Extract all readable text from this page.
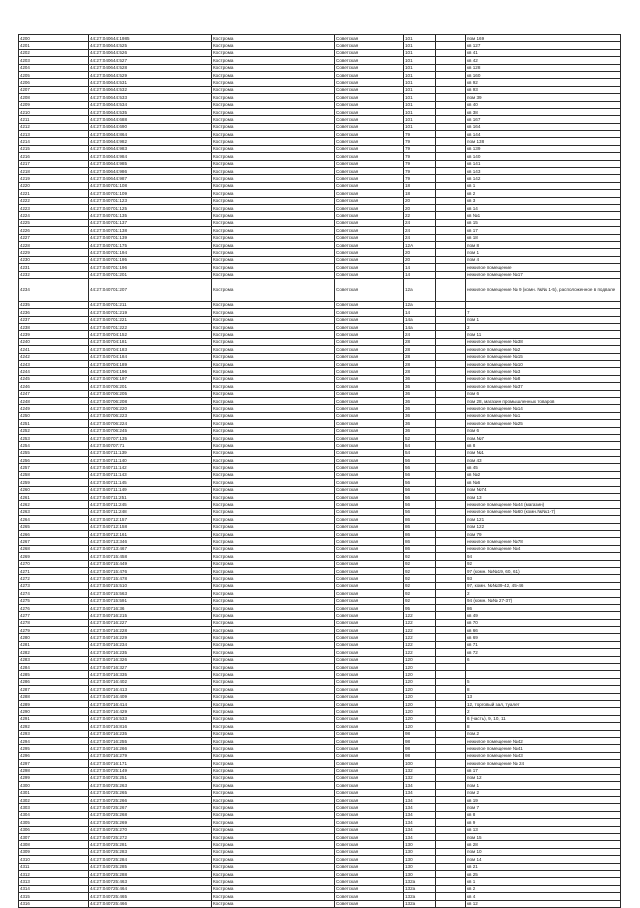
4200	44:27:040644:1985	Кострома	Советская	101		пом 169
4201	44:27:040644:525	Кострома	Советская	101		кв 127
4202	44:27:040644:526	Кострома	Советская	101		кв 41
4203	44:27:040644:527	Кострома	Советская	101		кв 42
4204	44:27:040644:528	Кострома	Советская	101		кв 128
4205	44:27:040644:529	Кострома	Советская	101		кв 160
4206	44:27:040644:531	Кострома	Советская	101		кв 92
4207	44:27:040644:532	Кострома	Советская	101		кв 93
4208	44:27:040644:533	Кострома	Советская	101		пом 39
4209	44:27:040644:534	Кострома	Советская	101		кв 40
4210	44:27:040644:535	Кострома	Советская	101		кв 38
4211	44:27:040644:688	Кострома	Советская	101		кв 167
4212	44:27:040644:690	Кострома	Советская	101		кв 164
4213	44:27:040644:864	Кострома	Советская	79		кв 144
4214	44:27:040644:982	Кострома	Советская	79		пом 138
4215	44:27:040644:983	Кострома	Советская	79		кв 139
4216	44:27:040644:984	Кострома	Советская	79		кв 140
4217	44:27:040644:985	Кострома	Советская	79		кв 141
4218	44:27:040644:986	Кострома	Советская	79		кв 143
4219	44:27:040644:987	Кострома	Советская	79		кв 142
4220	44:27:040701:108	Кострома	Советская	18		кв 1
4221	44:27:040701:109	Кострома	Советская	18		кв 2
4222	44:27:040701:123	Кострома	Советская	20		кв 3
4223	44:27:040701:125	Кострома	Советская	20		кв 14
4224	44:27:040701:135	Кострома	Советская	22		кв №1
4225	44:27:040701:137	Кострома	Советская	24		кв 15
4226	44:27:040701:138	Кострома	Советская	24		кв 17
4227	44:27:040701:139	Кострома	Советская	24		кв 18
4228	44:27:040701:175	Кострома	Советская	12А		пом 8
4229	44:27:040701:194	Кострома	Советская	20		пом 1
4230	44:27:040701:195	Кострома	Советская	20		пом 4
4231	44:27:040701:196	Кострома	Советская	14		нежилое помещение
4232	44:27:040701:201	Кострома	Советская	14		нежилое помещение №17
4234	44:27:040701:207	Кострома	Советская	12а		нежилое помещение № 9 (комн. №№ 1-5), расположенное в подвале
4235	44:27:040701:211	Кострома	Советская	12а		
4236	44:27:040701:219	Кострома	Советская	14		7
4237	44:27:040701:221	Кострома	Советская	14а		пом 1
4238	44:27:040701:222	Кострома	Советская	14а		2
4239	44:27:040704:152	Кострома	Советская	24		пом 11
4240	44:27:040704:181	Кострома	Советская	28		нежилое помещение №38
4241	44:27:040704:183	Кострома	Советская	28		нежилое помещение №2
4242	44:27:040704:184	Кострома	Советская	28		нежилое помещение №15
4243	44:27:040704:189	Кострома	Советская	28		нежилое помещение №10
4244	44:27:040704:196	Кострома	Советская	28		нежилое помещение №3
4245	44:27:040706:197	Кострома	Советская	36		нежилое помещение №8
4246	44:27:040706:201	Кострома	Советская	36		нежилое помещение №37
4247	44:27:040706:205	Кострома	Советская	36		пом 6
4248	44:27:040706:208	Кострома	Советская	36		пом 28, магазин промышленных товаров
4249	44:27:040706:220	Кострома	Советская	36		нежилое помещение №14
4250	44:27:040706:223	Кострома	Советская	36		нежилое помещение №1
4251	44:27:040706:224	Кострома	Советская	36		нежилое помещение №25
4252	44:27:040706:245	Кострома	Советская	36		пом 6
4253	44:27:040707:135	Кострома	Советская	52		пом.№7
4254	44:27:040707:71	Кострома	Советская	54		кв 8
4255	44:27:040711:139	Кострома	Советская	54		пом №1
4256	44:27:040711:140	Кострома	Советская	56		пом 43
4257	44:27:040711:142	Кострома	Советская	56		кв 45
4258	44:27:040711:143	Кострома	Советская	56		кв №2
4259	44:27:040711:145	Кострома	Советская	56		кв №6
4260	44:27:040711:149	Кострома	Советская	56		пом №74
4261	44:27:040711:251	Кострома	Советская	56		пом 13
4262	44:27:040711:245	Кострома	Советская	56		нежилое помещение №44 (магазин)
4263	44:27:040711:248	Кострома	Советская	56		нежилое помещение №60 (комн.№№1-7)
4264	44:27:040712:157	Кострома	Советская	86		пом 121
4265	44:27:040712:158	Кострома	Советская	86		пом 122
4266	44:27:040712:161	Кострома	Советская	86		пом 79
4267	44:27:040713:346	Кострома	Советская	86		нежилое помещение №78
4268	44:27:040713:467	Кострома	Советская	86		нежилое помещение №4
4269	44:27:040715:458	Кострома	Советская	92		94
4270	44:27:040715:449	Кострома	Советская	92		92
4271	44:27:040715:476	Кострома	Советская	92		97 (комн. №№19, 60, 61)
4272	44:27:040715:478	Кострома	Советская	92		93
4273	44:27:040715:510	Кострома	Советская	92		97, комн. №№39-42, 45-46
4274	44:27:040715:563	Кострома	Советская	92		2
4275	44:27:040715:591	Кострома	Советская	92		94 (комн. №№ 27-37)
4276	44:27:040716:36	Кострома	Советская	95		86
4277	44:27:040716:215	Кострома	Советская	122		кв 49
4278	44:27:040716:227	Кострома	Советская	122		кв 70
4279	44:27:040716:228	Кострома	Советская	122		кв 66
4280	44:27:040716:229	Кострома	Советская	122		кв 69
4281	44:27:040716:234	Кострома	Советская	122		кв 71
4282	44:27:040716:235	Кострома	Советская	122		кв 72
4283	44:27:040716:326	Кострома	Советская	120		6
4284	44:27:040716:327	Кострома	Советская	120		
4285	44:27:040716:335	Кострома	Советская	120		
4286	44:27:040716:402	Кострома	Советская	120		5
4287	44:27:040716:413	Кострома	Советская	120		8
4288	44:27:040716:409	Кострома	Советская	120		13
4289	44:27:040716:414	Кострома	Советская	120		12, торговый зал, туалет
4290	44:27:040716:429	Кострома	Советская	120		2
4291	44:27:040716:533	Кострома	Советская	120		6 (часть), 9, 10, 11
4292	44:27:040716:816	Кострома	Советская	120		8
4293	44:27:040716:235	Кострома	Советская	98		пом.2
4294	44:27:040716:255	Кострома	Советская	98		нежилое помещение №42
4295	44:27:040716:266	Кострома	Советская	98		нежилое помещение №41
4296	44:27:040716:279	Кострома	Советская	98		нежилое помещение №43
4297	44:27:040716:171	Кострома	Советская	100		нежилое помещение № 24
4298	44:27:040725:149	Кострома	Советская	132		кв 17
4299	44:27:040725:251	Кострома	Советская	132		пом 12
4300	44:27:040725:263	Кострома	Советская	134		пом 1
4301	44:27:040725:265	Кострома	Советская	134		пом 2
4302	44:27:040725:266	Кострома	Советская	134		кв 19
4303	44:27:040725:267	Кострома	Советская	134		пом 7
4304	44:27:040725:268	Кострома	Советская	134		кв 8
4305	44:27:040725:269	Кострома	Советская	134		кв 9
4306	44:27:040725:270	Кострома	Советская	134		кв 13
4307	44:27:040725:272	Кострома	Советская	134		пом 15
4308	44:27:040725:281	Кострома	Советская	130		кв 28
4309	44:27:040725:283	Кострома	Советская	130		пом 10
4310	44:27:040725:284	Кострома	Советская	130		пом 14
4311	44:27:040725:285	Кострома	Советская	130		кв 21
4312	44:27:040725:288	Кострома	Советская	130		кв 25
4313	44:27:040725:463	Кострома	Советская	132а		кв 1
4314	44:27:040725:464	Кострома	Советская	132а		кв 2
4315	44:27:040725:465	Кострома	Советская	132а		кв 4
4316	44:27:040725:466	Кострома	Советская	132а		кв 12
